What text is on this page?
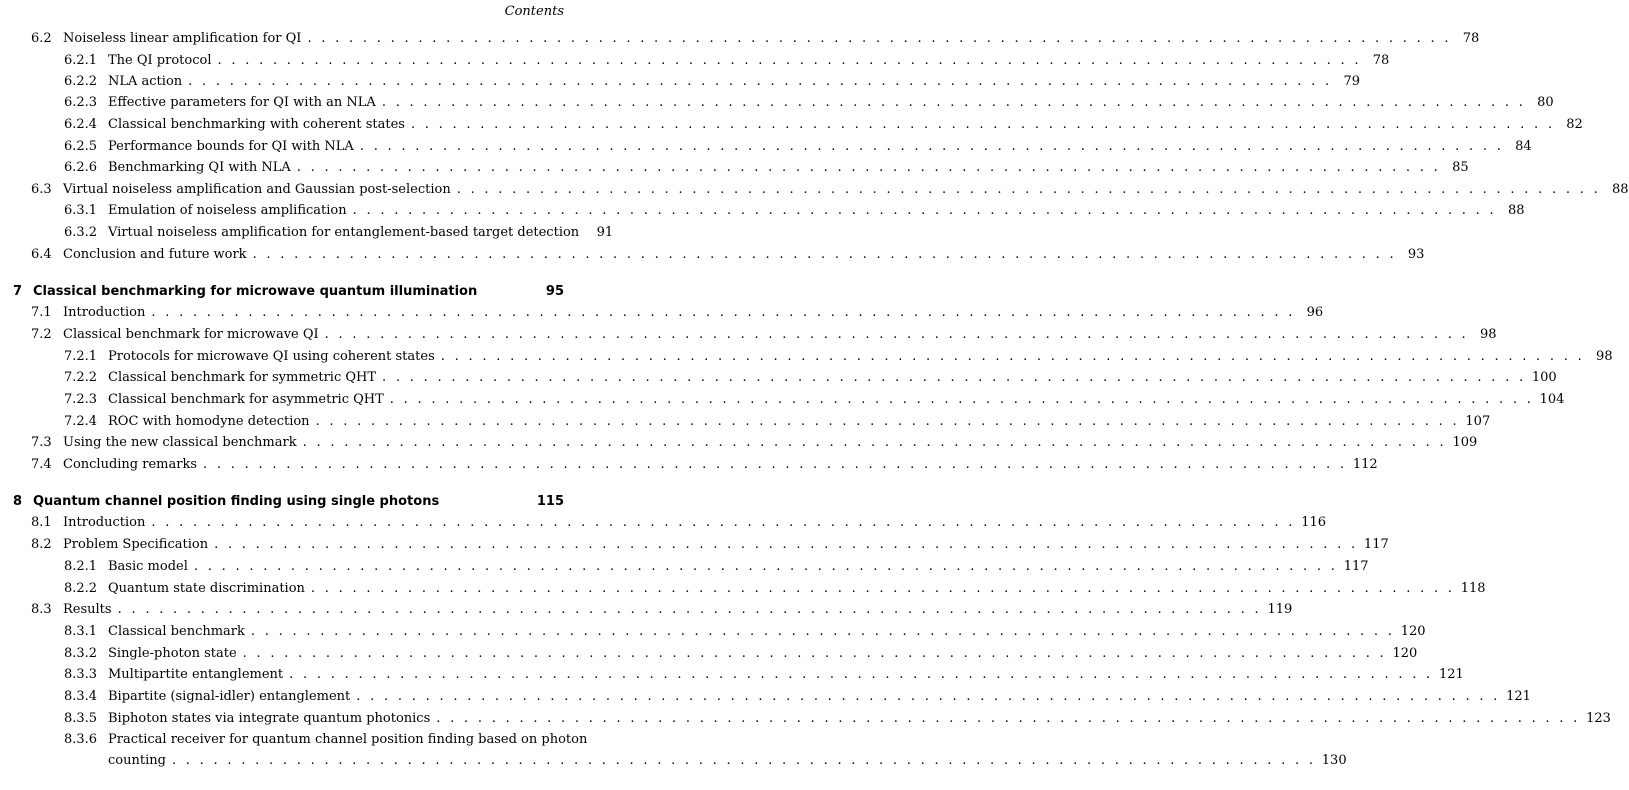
Contents
6.2 Noiseless linear amplification for QI . . .	78
6.2.1 The QI protocol . . .	78
6.2.2 NLA action . . .	79
6.2.3 Effective parameters for QI with an NLA . . .	80
6.2.4 Classical benchmarking with coherent states . . .	82
6.2.5 Performance bounds for QI with NLA . . .	84
6.2.6 Benchmarking QI with NLA . . .	85
6.3 Virtual noiseless amplification and Gaussian post-selection . . .	88
6.3.1 Emulation of noiseless amplification . . .	88
6.3.2 Virtual noiseless amplification for entanglement-based target detection	91
6.4 Conclusion and future work . . .	93
7 Classical benchmarking for microwave quantum illumination	95
7.1 Introduction . . .	96
7.2 Classical benchmark for microwave QI . . .	98
7.2.1 Protocols for microwave QI using coherent states . . .	98
7.2.2 Classical benchmark for symmetric QHT . . .	100
7.2.3 Classical benchmark for asymmetric QHT . . .	104
7.2.4 ROC with homodyne detection . . .	107
7.3 Using the new classical benchmark . . .	109
7.4 Concluding remarks . . .	112
8 Quantum channel position finding using single photons	115
8.1 Introduction . . .	116
8.2 Problem Specification . . .	117
8.2.1 Basic model . . .	117
8.2.2 Quantum state discrimination . . .	118
8.3 Results . . .	119
8.3.1 Classical benchmark . . .	120
8.3.2 Single-photon state . . .	120
8.3.3 Multipartite entanglement . . .	121
8.3.4 Bipartite (signal-idler) entanglement . . .	121
8.3.5 Biphoton states via integrate quantum photonics . . .	123
8.3.6 Practical receiver for quantum channel position finding based on photon
counting . . .	130
